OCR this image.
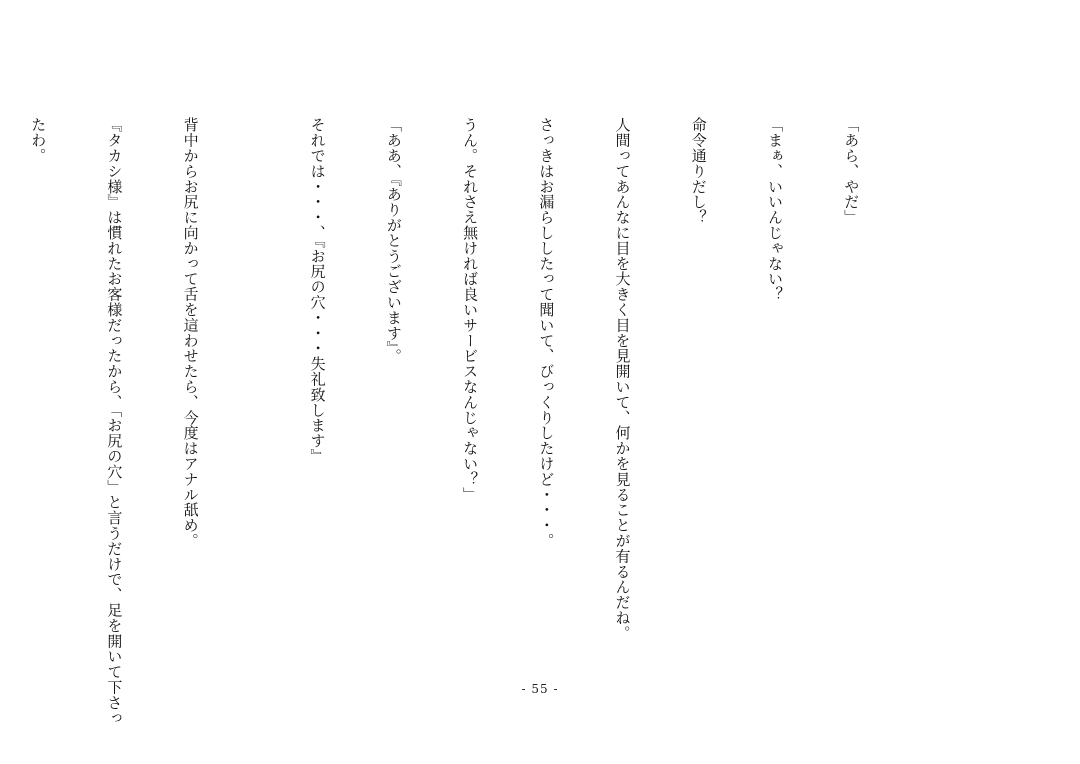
「あら、やだ」

「まぁ、いいんじゃない？

命令通りだし？

人間ってあんなに目を大きく目を見開いて、何かを見ることが有るんだね。

さっきはお漏らししたって聞いて、びっくりしたけど・・・。

うん。それさえ無ければ良いサービスなんじゃない？」

「ああ、『ありがとうございます』。

それでは・・・、『お尻の穴・・・失礼致します』

背中からお尻に向かって舌を這わせたら、今度はアナル舐め。

『タカシ様』は慣れたお客様だったから、「お尻の穴」と言うだけで、足を開いて下さっ

たわ。

- 55 -
